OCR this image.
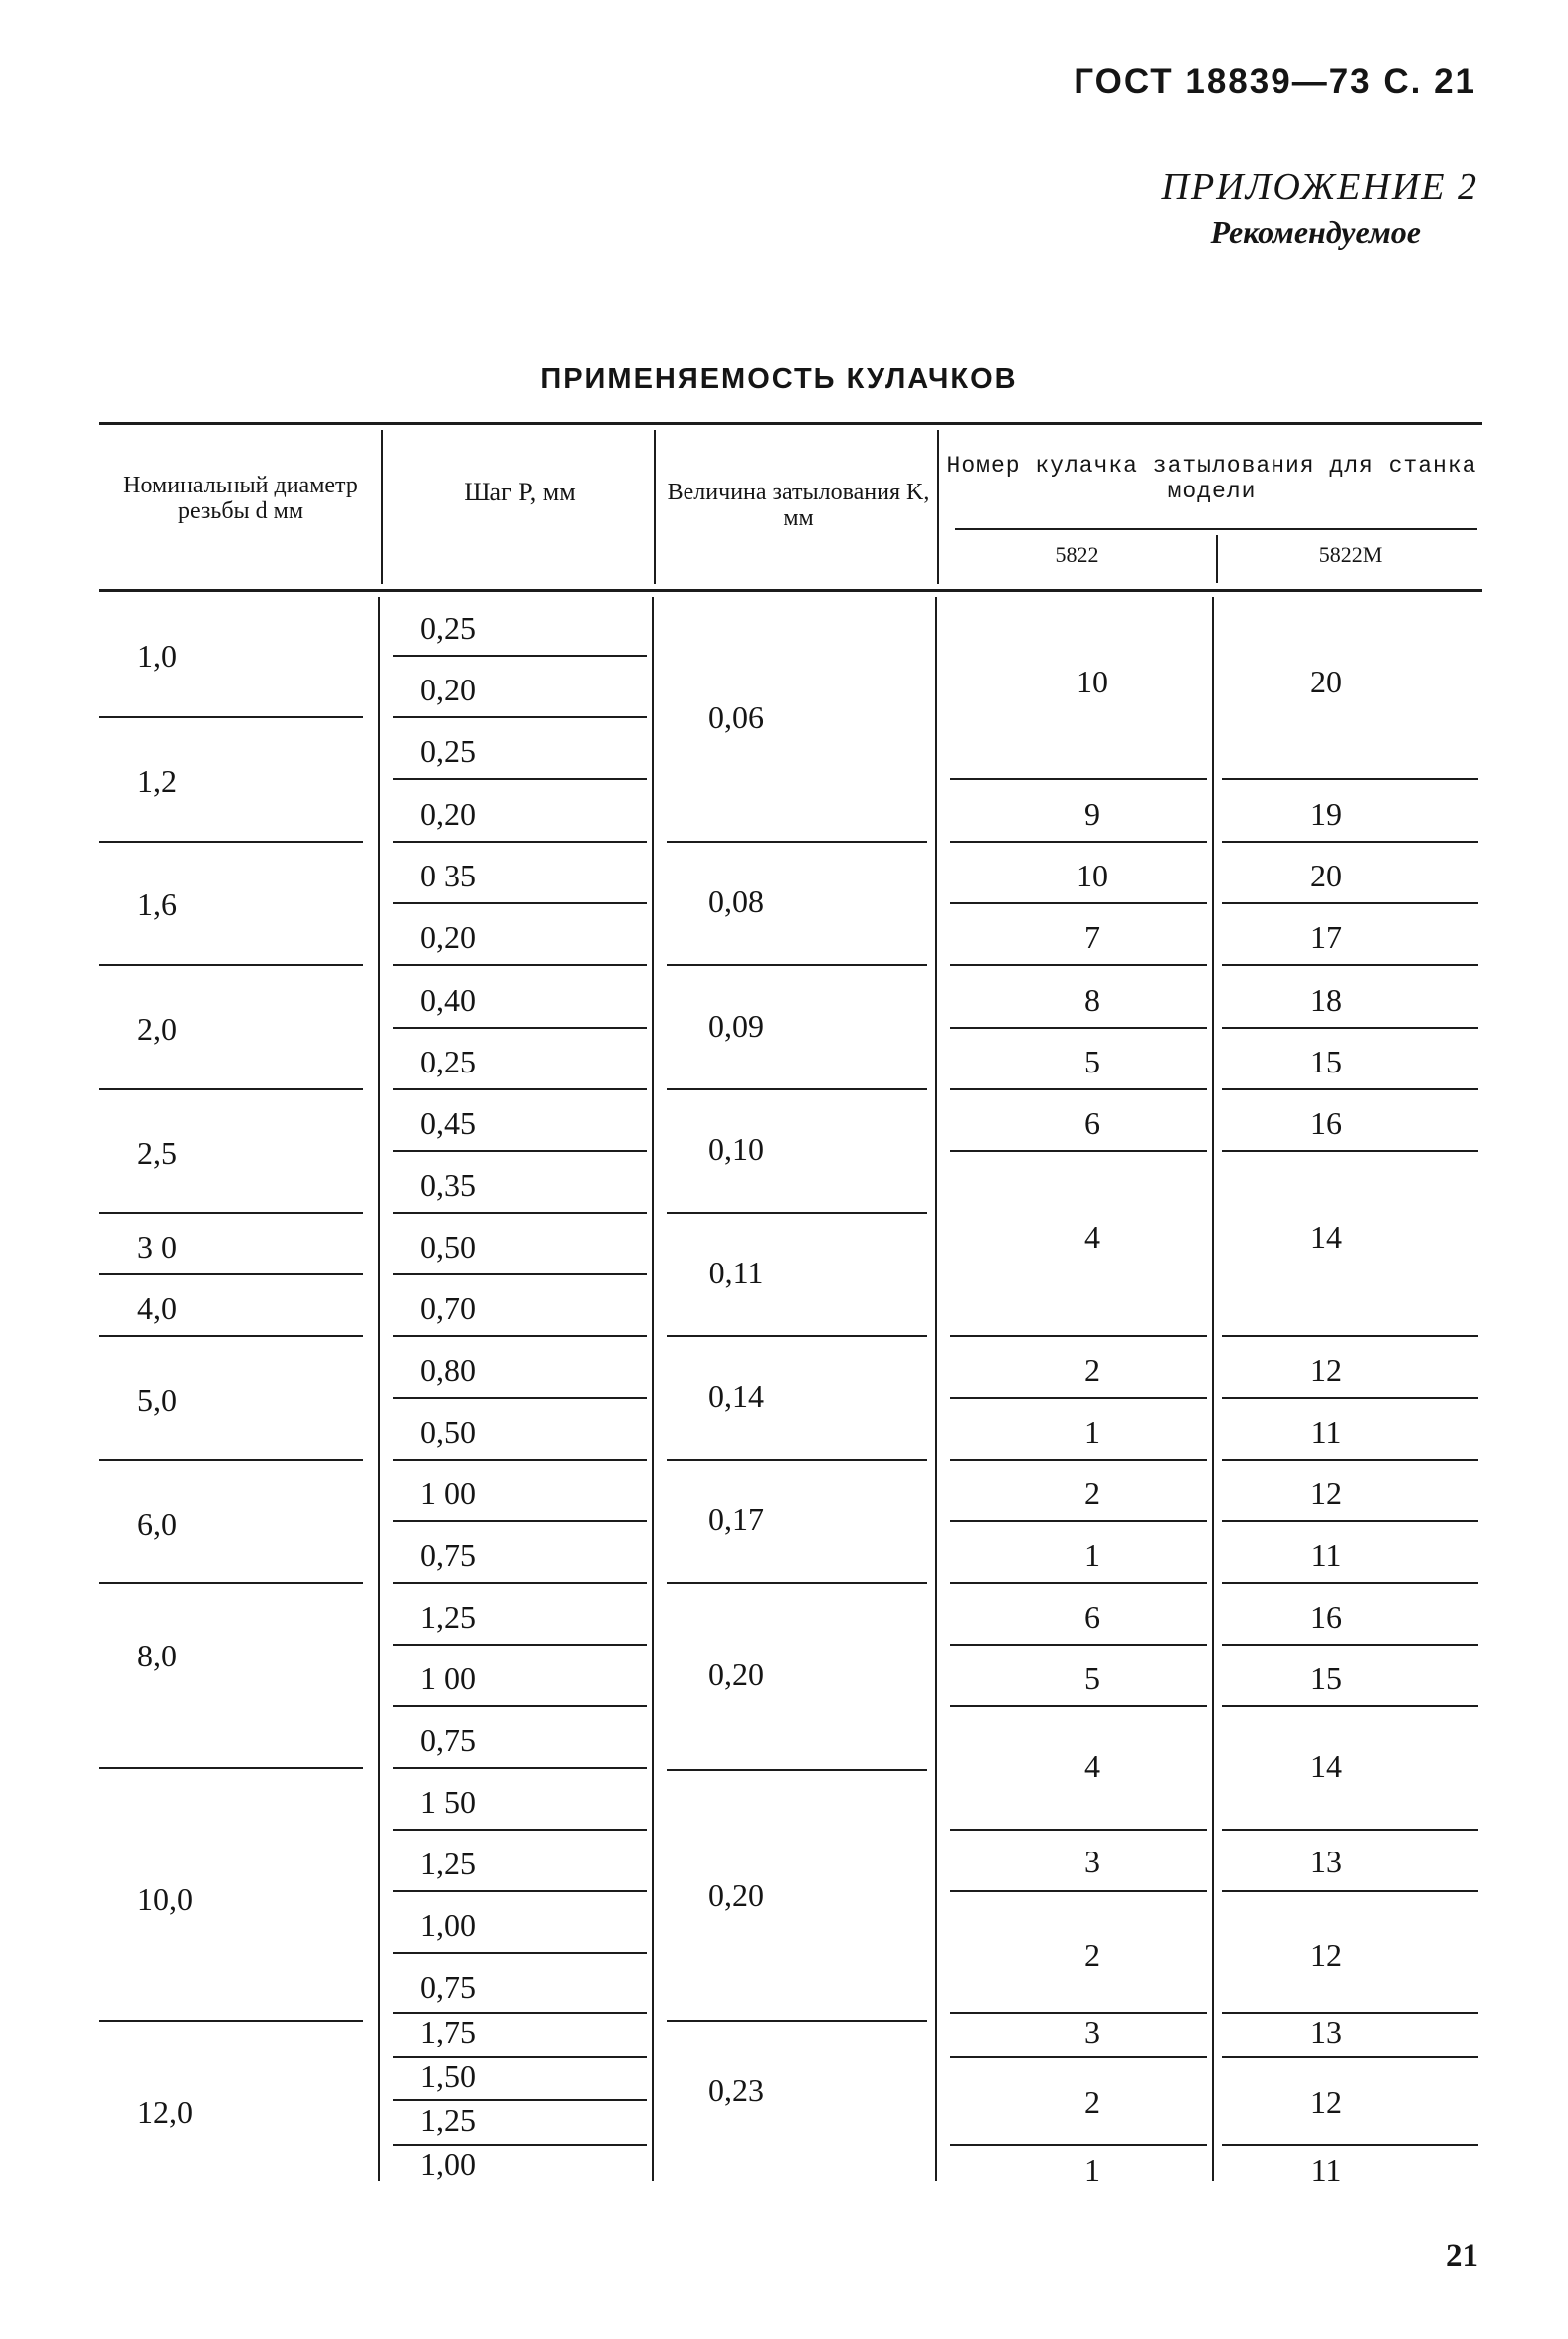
ГОСТ 18839—73 С. 21
ПРИЛОЖЕНИЕ 2
Рекомендуемое
ПРИМЕНЯЕМОСТЬ КУЛАЧКОВ
Номинальный диаметр резьбы d мм
Шаг P, мм	Величина затылования K, мм
Номер кулачка затылования для станка модели
5822	5822М
0,25
0,20
0,25
0,20
0 35
0,20
0,40
0,25
0,45
0,35
0,50
0,70
0,80
0,50
1 00
0,75
1,25
1 00
0,75
1 50
1,25
1,00
0,75
1,75
1,50
1,25
1,00
1,0
1,2
1,6
2,0
2,5
3 0
4,0
5,0
6,0
8,0
10,0
12,0
0,06
0,08
0,09
0,10
0,11
0,14
0,17
0,20
0,20
0,23
10
9
10
7
8
5
6
4
2
1
2
1
6
5
4
3
2
3
2
1
20
19
20
17
18
15
16
14
12
11
12
11
16
15
14
13
12
13
12
11
21
